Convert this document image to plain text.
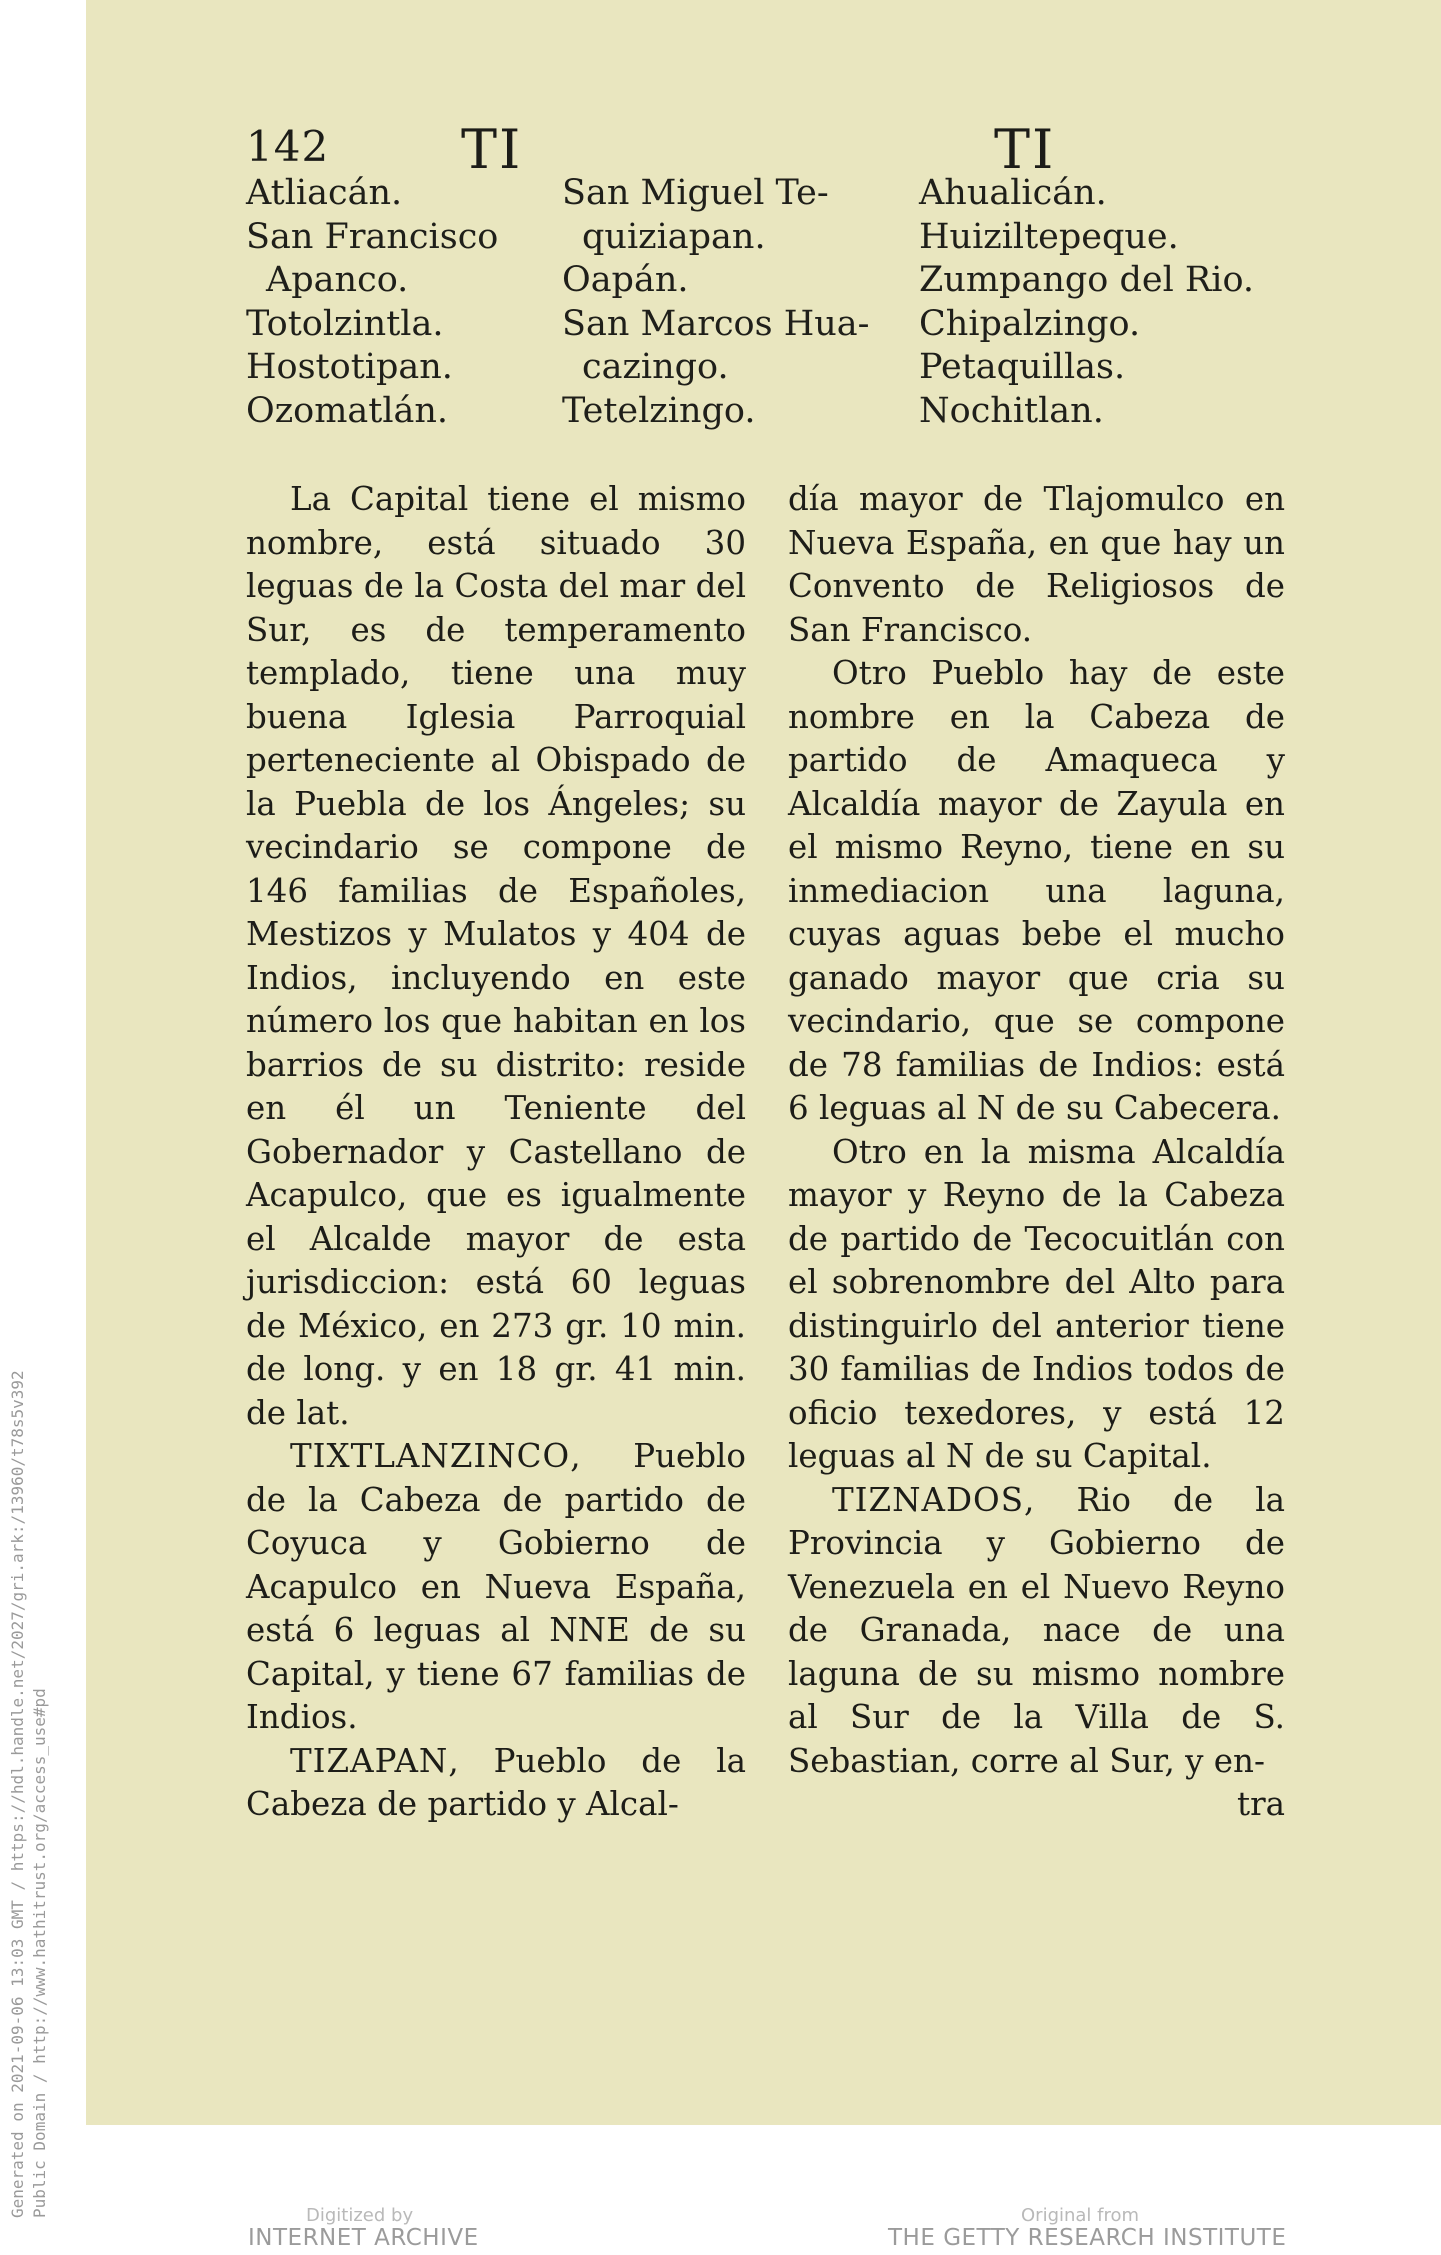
Generated on 2021-09-06 13:03 GMT / https://hdl.handle.net/2027/gri.ark:/13960/t78s5v392 Public Domain / http://www.hathitrust.org/access_use#pd
142 TI	TI
Atliacán.
San Francisco
Apanco.
Totolzintla.
Hostotipan.
Ozomatlán.
San Miguel Te-
quiziapan.
Oapán.
San Marcos Hua-
cazingo.
Tetelzingo.
Ahualicán.
Huiziltepeque.
Zumpango del Rio.
Chipalzingo.
Petaquillas.
Nochitlan.

La Capital tiene el mismo nombre, está situado 30 leguas de la Costa del mar del Sur, es de temperamento templado, tiene una muy buena Iglesia Parroquial perteneciente al Obispado de la Puebla de los Ángeles; su vecindario se compone de 146 familias de Españoles, Mestizos y Mulatos y 404 de Indios, incluyendo en este número los que habitan en los barrios de su distrito: reside en él un Teniente del Gobernador y Castellano de Acapulco, que es igualmente el Alcalde mayor de esta jurisdiccion: está 60 leguas de México, en 273 gr. 10 min. de long. y en 18 gr. 41 min. de lat.

TIXTLANZINCO, Pueblo de la Cabeza de partido de Coyuca y Gobierno de Acapulco en Nueva España, está 6 leguas al NNE de su Capital, y tiene 67 familias de Indios.

TIZAPAN, Pueblo de la Cabeza de partido y Alcal-

día mayor de Tlajomulco en Nueva España, en que hay un Convento de Religiosos de San Francisco.

Otro Pueblo hay de este nombre en la Cabeza de partido de Amaqueca y Alcaldía mayor de Zayula en el mismo Reyno, tiene en su inmediacion una laguna, cuyas aguas bebe el mucho ganado mayor que cria su vecindario, que se compone de 78 familias de Indios: está 6 leguas al N de su Cabecera.

Otro en la misma Alcaldía mayor y Reyno de la Cabeza de partido de Tecocuitlán con el sobrenombre del Alto para distinguirlo del anterior tiene 30 familias de Indios todos de oficio texedores, y está 12 leguas al N de su Capital.

TIZNADOS, Rio de la Provincia y Gobierno de Venezuela en el Nuevo Reyno de Granada, nace de una laguna de su mismo nombre al Sur de la Villa de S. Sebastian, corre al Sur, y en-

tra
Digitized by
INTERNET ARCHIVE
Original from
THE GETTY RESEARCH INSTITUTE
